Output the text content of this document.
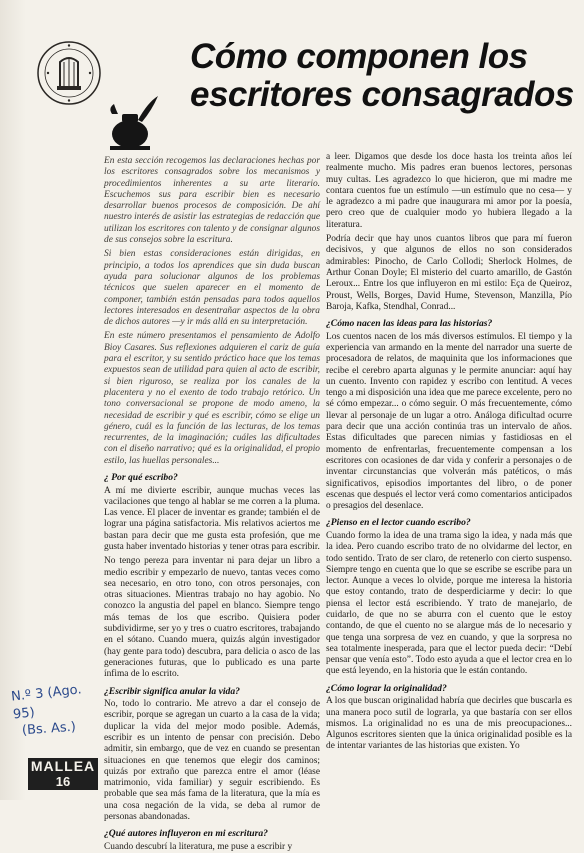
Cómo componen los
escritores consagrados

En esta sección recogemos las declaraciones hechas por los escritores consagrados sobre los mecanismos y procedimientos inherentes a su arte literario. Escuchemos sus para escribir bien es necesario desarrollar buenos procesos de composición. De ahí nuestro interés de asistir las estrategias de redacción que utilizan los escritores con talento y de consignar algunos de sus consejos sobre la escritura.

Si bien estas consideraciones están dirigidas, en principio, a todos los aprendices que sin duda buscan ayuda para solucionar algunos de los problemas técnicos que suelen aparecer en el momento de componer, también están pensadas para todos aquellos lectores interesados en desentrañar aspectos de la obra de dichos autores —y ir más allá en su interpretación.

En este número presentamos el pensamiento de Adolfo Bioy Casares. Sus reflexiones adquieren el cariz de guía para el escritor, y su sentido práctico hace que los temas expuestos sean de utilidad para quien al acto de escribir, si bien riguroso, se realiza por los canales de la placentera y no el exento de todo trabajo retórico. Un tono conversacional se propone de modo ameno, la necesidad de escribir y qué es escribir, cómo se elige un género, cuál es la función de las lecturas, de los temas recurrentes, de la imaginación; cuáles las dificultades con el diseño narrativo; qué es la originalidad, el propio estilo, las huellas personales...

¿ Por qué escribo?

A mí me divierte escribir, aunque muchas veces las vacilaciones que tengo al hablar se me corren a la pluma. Las vence. El placer de inventar es grande; también el de lograr una página satisfactoria. Mis relativos aciertos me bastan para decir que me gusta esta profesión, que me gusta haber inventado historias y tener otras para escribir.

No tengo pereza para inventar ni para dejar un libro a medio escribir y empezarlo de nuevo, tantas veces como sea necesario, en otro tono, con otros personajes, con otras situaciones. Mientras trabajo no hay agobio. No conozco la angustia del papel en blanco. Siempre tengo más temas de los que escribo. Quisiera poder subdividirme, ser yo y tres o cuatro escritores, trabajando en el sótano. Cuando muera, quizás algún investigador (hay gente para todo) descubra, para delicia o asco de las generaciones futuras, que lo publicado es una parte ínfima de lo escrito.

¿Escribir significa anular la vida?

No, todo lo contrario. Me atrevo a dar el consejo de escribir, porque se agregan un cuarto a la casa de la vida; duplicar la vida del mejor modo posible. Además, escribir es un intento de pensar con precisión. Debo admitir, sin embargo, que de vez en cuando se presentan situaciones en que tenemos que elegir dos caminos; quizás por extraño que parezca entre el amor (léase matrimonio, vida familiar) y seguir escribiendo. Es probable que sea más fama de la literatura, que la mía es una cosa negación de la vida, se deba al rumor de personas abandonadas.

¿Qué autores influyeron en mi escritura?

Cuando descubrí la literatura, me puse a escribir y

a leer. Digamos que desde los doce hasta los treinta años leí realmente mucho. Mis padres eran buenos lectores, personas muy cultas. Les agradezco lo que hicieron, que mi madre me contara cuentos fue un estímulo —un estímulo que no cesa— y le agradezco a mi padre que inaugurara mi amor por la poesía, pero creo que de cualquier modo yo hubiera llegado a la literatura.

Podría decir que hay unos cuantos libros que para mí fueron decisivos, y que algunos de ellos no son considerados admirables: Pinocho, de Carlo Collodi; Sherlock Holmes, de Arthur Conan Doyle; El misterio del cuarto amarillo, de Gastón Leroux... Entre los que influyeron en mi estilo: Eça de Queiroz, Proust, Wells, Borges, David Hume, Stevenson, Manzilla, Pío Baroja, Kafka, Stendhal, Conrad...

¿Cómo nacen las ideas para las historias?

Los cuentos nacen de los más diversos estímulos. El tiempo y la experiencia van armando en la mente del narrador una suerte de procesadora de relatos, de maquinita que los informaciones que recibe el cerebro aparta algunas y le permite anunciar: aquí hay un cuento. Invento con rapidez y escribo con lentitud. A veces tengo a mi disposición una idea que me parece excelente, pero no sé cómo empezar... o cómo seguir. O más frecuentemente, cómo llevar al personaje de un lugar a otro. Análoga dificultad ocurre para decir que una acción continúa tras un intervalo de años. Estas dificultades que parecen nimias y fastidiosas en el momento de enfrentarlas, frecuentemente compensan a los escritores con ocasiones de dar vida y conferir a personajes o de inventar circunstancias que volverán más patéticos, o más significativos, episodios importantes del libro, o de poner escenas que después el lector verá como comentarios anticipados o presagios del desenlace.

¿Pienso en el lector cuando escribo?

Cuando formo la idea de una trama sigo la idea, y nada más que la idea. Pero cuando escribo trato de no olvidarme del lector, en todo sentido. Trato de ser claro, de retenerlo con cierto suspenso. Siempre tengo en cuenta que lo que se escribe se escribe para un lector. Aunque a veces lo olvide, porque me interesa la historia que estoy contando, trato de desperdiciarme y decir: lo que piensa el lector está escribiendo. Y trato de manejarlo, de cuidarlo, de que no se aburra con el cuento que le estoy contando, de que el cuento no se alargue más de lo necesario y que tenga una sorpresa de vez en cuando, y que la sorpresa no sea totalmente inesperada, para que el lector pueda decir: “Debí pensar que venía esto”. Todo esto ayuda a que el lector crea en lo que está leyendo, en la historia que le están contando.

¿Cómo lograr la originalidad?

A los que buscan originalidad habría que decirles que buscarla es una manera poco sutil de lograrla, ya que bastaría con ser ellos mismos. La originalidad no es una de mis preocupaciones... Algunos escritores sienten que la única originalidad posible es la de intentar variantes de las historias que existen. Yo

N.º 3 (Ago. 95)
(Bs. As.)
MALLEA
16
